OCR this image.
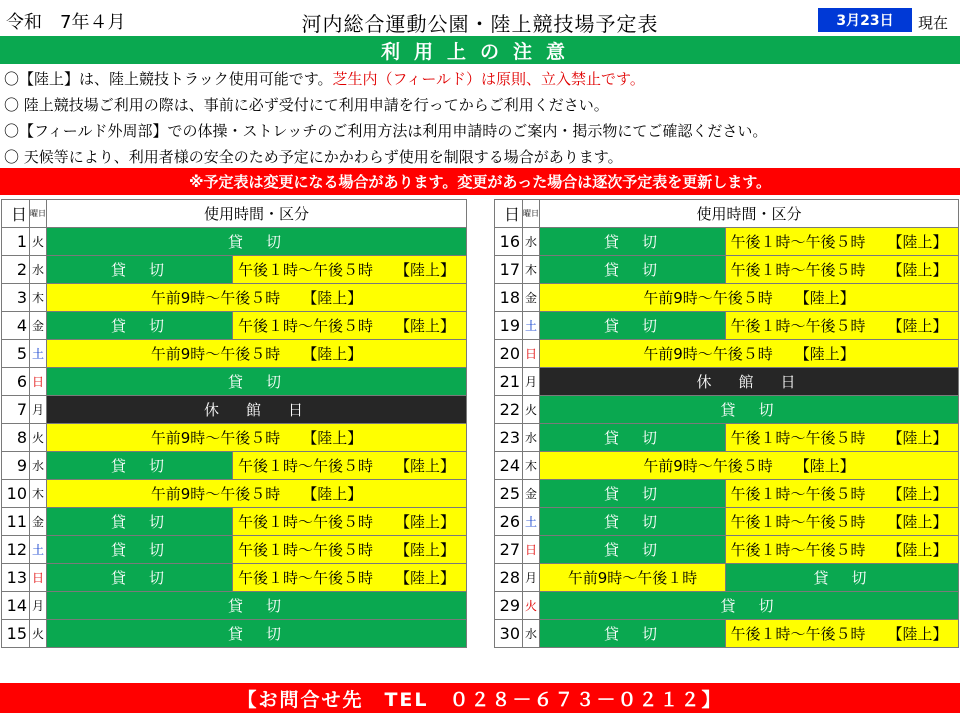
令和　7年４月	河内総合運動公園・陸上競技場予定表	3月23日	現在
利用上の注意
〇【陸上】は、陸上競技トラック使用可能です。芝生内（フィールド）は原則、立入禁止です。
〇 陸上競技場ご利用の際は、事前に必ず受付にて利用申請を行ってからご利用ください。
〇【フィールド外周部】での体操・ストレッチのご利用方法は利用申請時のご案内・掲示物にてご確認ください。
〇 天候等により、利用者様の安全のため予定にかかわらず使用を制限する場合があります。
※予定表は変更になる場合があります。変更があった場合は逐次予定表を更新します。
日	曜日	使用時間・区分	
1	火	貸　切	
2	水	貸　切	午後１時～午後５時 【陸上】
3	木	午前9時～午後５時 【陸上】	
4	金	貸　切	午後１時～午後５時 【陸上】
5	土	午前9時～午後５時 【陸上】	
6	日	貸　切	
7	月	休　館　日	
8	火	午前9時～午後５時 【陸上】	
9	水	貸　切	午後１時～午後５時 【陸上】
10	木	午前9時～午後５時 【陸上】	
11	金	貸　切	午後１時～午後５時 【陸上】
12	土	貸　切	午後１時～午後５時 【陸上】
13	日	貸　切	午後１時～午後５時 【陸上】
14	月	貸　切	
15	火	貸　切	
日	曜日	使用時間・区分	
16	水	貸　切	午後１時～午後５時 【陸上】
17	木	貸　切	午後１時～午後５時 【陸上】
18	金	午前9時～午後５時 【陸上】	
19	土	貸　切	午後１時～午後５時 【陸上】
20	日	午前9時～午後５時 【陸上】	
21	月	休　館　日	
22	火	貸　切	
23	水	貸　切	午後１時～午後５時 【陸上】
24	木	午前9時～午後５時 【陸上】	
25	金	貸　切	午後１時～午後５時 【陸上】
26	土	貸　切	午後１時～午後５時 【陸上】
27	日	貸　切	午後１時～午後５時 【陸上】
28	月	午前9時～午後１時	貸　切
29	火	貸　切	
30	水	貸　切	午後１時～午後５時 【陸上】
【お問合せ先　TEL　０２８－６７３－０２１２】
